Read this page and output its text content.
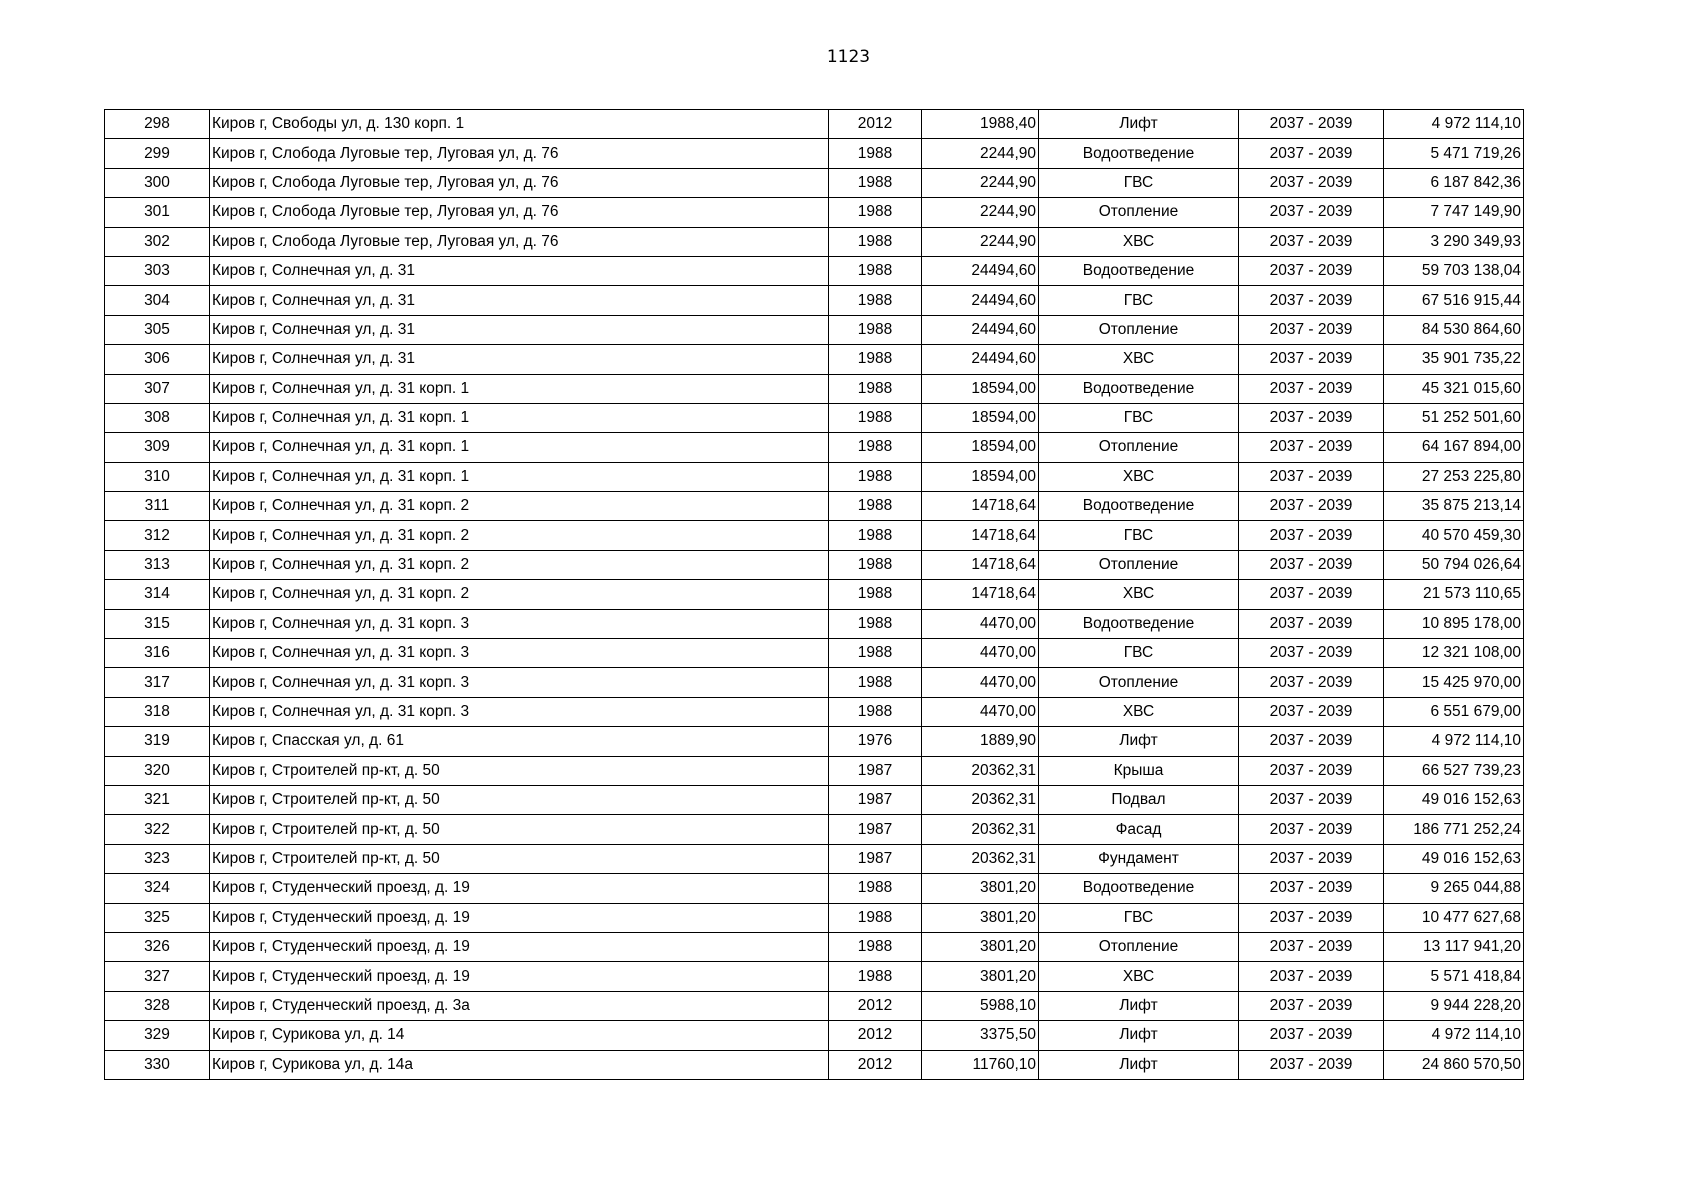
1123
298	Киров г, Свободы ул, д. 130 корп. 1	2012	1988,40	Лифт	2037 - 2039	4 972 114,10
299	Киров г, Слобода Луговые тер, Луговая ул, д. 76	1988	2244,90	Водоотведение	2037 - 2039	5 471 719,26
300	Киров г, Слобода Луговые тер, Луговая ул, д. 76	1988	2244,90	ГВС	2037 - 2039	6 187 842,36
301	Киров г, Слобода Луговые тер, Луговая ул, д. 76	1988	2244,90	Отопление	2037 - 2039	7 747 149,90
302	Киров г, Слобода Луговые тер, Луговая ул, д. 76	1988	2244,90	ХВС	2037 - 2039	3 290 349,93
303	Киров г, Солнечная ул, д. 31	1988	24494,60	Водоотведение	2037 - 2039	59 703 138,04
304	Киров г, Солнечная ул, д. 31	1988	24494,60	ГВС	2037 - 2039	67 516 915,44
305	Киров г, Солнечная ул, д. 31	1988	24494,60	Отопление	2037 - 2039	84 530 864,60
306	Киров г, Солнечная ул, д. 31	1988	24494,60	ХВС	2037 - 2039	35 901 735,22
307	Киров г, Солнечная ул, д. 31 корп. 1	1988	18594,00	Водоотведение	2037 - 2039	45 321 015,60
308	Киров г, Солнечная ул, д. 31 корп. 1	1988	18594,00	ГВС	2037 - 2039	51 252 501,60
309	Киров г, Солнечная ул, д. 31 корп. 1	1988	18594,00	Отопление	2037 - 2039	64 167 894,00
310	Киров г, Солнечная ул, д. 31 корп. 1	1988	18594,00	ХВС	2037 - 2039	27 253 225,80
311	Киров г, Солнечная ул, д. 31 корп. 2	1988	14718,64	Водоотведение	2037 - 2039	35 875 213,14
312	Киров г, Солнечная ул, д. 31 корп. 2	1988	14718,64	ГВС	2037 - 2039	40 570 459,30
313	Киров г, Солнечная ул, д. 31 корп. 2	1988	14718,64	Отопление	2037 - 2039	50 794 026,64
314	Киров г, Солнечная ул, д. 31 корп. 2	1988	14718,64	ХВС	2037 - 2039	21 573 110,65
315	Киров г, Солнечная ул, д. 31 корп. 3	1988	4470,00	Водоотведение	2037 - 2039	10 895 178,00
316	Киров г, Солнечная ул, д. 31 корп. 3	1988	4470,00	ГВС	2037 - 2039	12 321 108,00
317	Киров г, Солнечная ул, д. 31 корп. 3	1988	4470,00	Отопление	2037 - 2039	15 425 970,00
318	Киров г, Солнечная ул, д. 31 корп. 3	1988	4470,00	ХВС	2037 - 2039	6 551 679,00
319	Киров г, Спасская ул, д. 61	1976	1889,90	Лифт	2037 - 2039	4 972 114,10
320	Киров г, Строителей пр-кт, д. 50	1987	20362,31	Крыша	2037 - 2039	66 527 739,23
321	Киров г, Строителей пр-кт, д. 50	1987	20362,31	Подвал	2037 - 2039	49 016 152,63
322	Киров г, Строителей пр-кт, д. 50	1987	20362,31	Фасад	2037 - 2039	186 771 252,24
323	Киров г, Строителей пр-кт, д. 50	1987	20362,31	Фундамент	2037 - 2039	49 016 152,63
324	Киров г, Студенческий проезд, д. 19	1988	3801,20	Водоотведение	2037 - 2039	9 265 044,88
325	Киров г, Студенческий проезд, д. 19	1988	3801,20	ГВС	2037 - 2039	10 477 627,68
326	Киров г, Студенческий проезд, д. 19	1988	3801,20	Отопление	2037 - 2039	13 117 941,20
327	Киров г, Студенческий проезд, д. 19	1988	3801,20	ХВС	2037 - 2039	5 571 418,84
328	Киров г, Студенческий проезд, д. 3а	2012	5988,10	Лифт	2037 - 2039	9 944 228,20
329	Киров г, Сурикова ул, д. 14	2012	3375,50	Лифт	2037 - 2039	4 972 114,10
330	Киров г, Сурикова ул, д. 14а	2012	11760,10	Лифт	2037 - 2039	24 860 570,50
